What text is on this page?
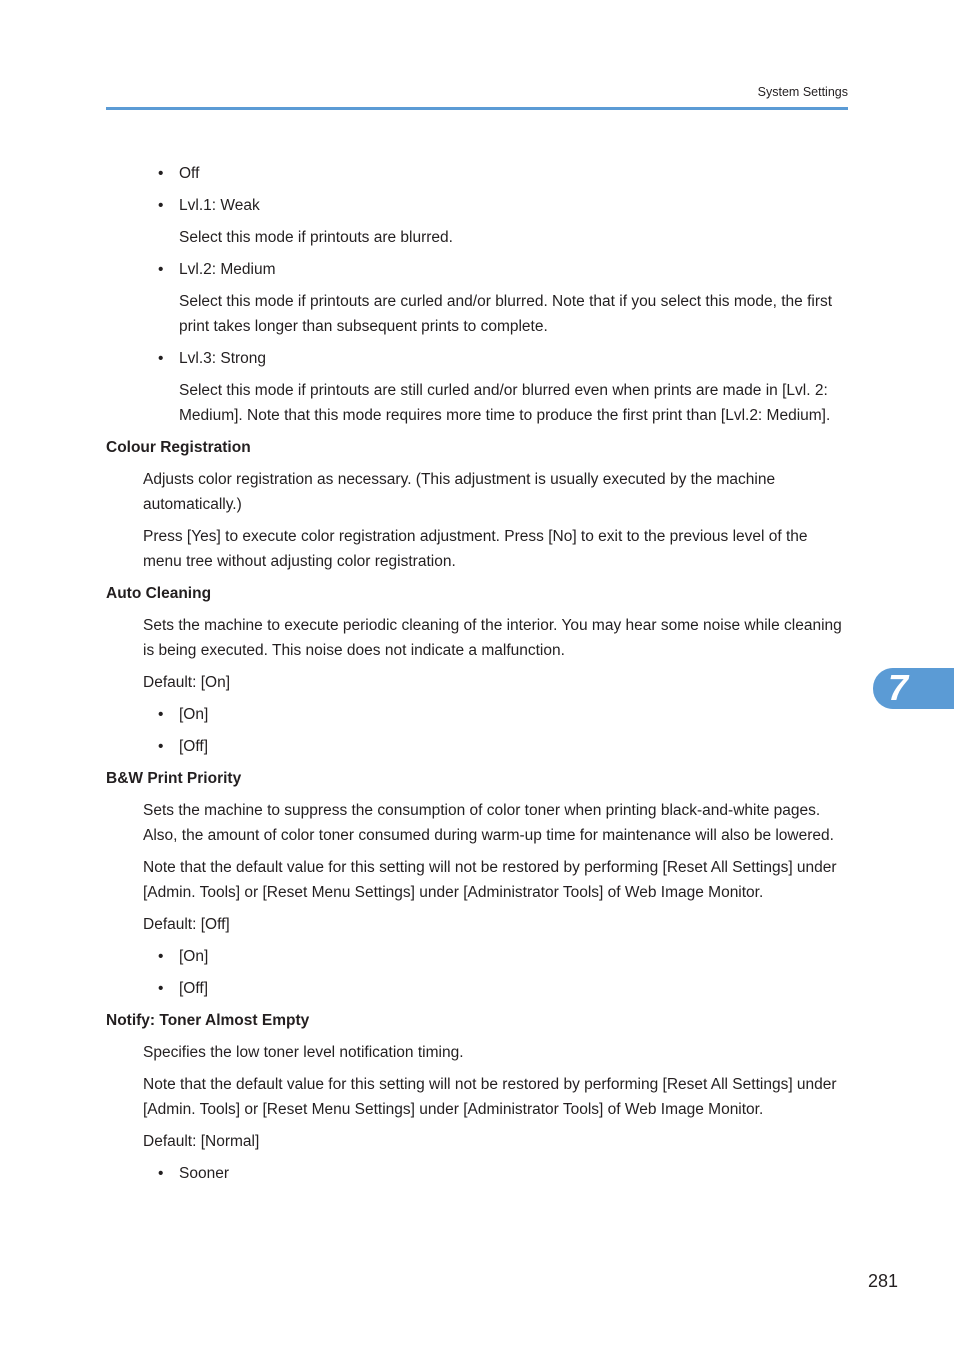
System Settings
• Off
• Lvl.1: Weak
Select this mode if printouts are blurred.
• Lvl.2: Medium
Select this mode if printouts are curled and/or blurred. Note that if you select this mode, the first print takes longer than subsequent prints to complete.
• Lvl.3: Strong
Select this mode if printouts are still curled and/or blurred even when prints are made in [Lvl. 2: Medium]. Note that this mode requires more time to produce the first print than [Lvl.2: Medium].
Colour Registration
Adjusts color registration as necessary. (This adjustment is usually executed by the machine automatically.)
Press [Yes] to execute color registration adjustment. Press [No] to exit to the previous level of the menu tree without adjusting color registration.
Auto Cleaning
Sets the machine to execute periodic cleaning of the interior. You may hear some noise while cleaning is being executed. This noise does not indicate a malfunction.
Default: [On]
• [On]
• [Off]
B&W Print Priority
Sets the machine to suppress the consumption of color toner when printing black-and-white pages. Also, the amount of color toner consumed during warm-up time for maintenance will also be lowered.
Note that the default value for this setting will not be restored by performing [Reset All Settings] under [Admin. Tools] or [Reset Menu Settings] under [Administrator Tools] of Web Image Monitor.
Default: [Off]
• [On]
• [Off]
Notify: Toner Almost Empty
Specifies the low toner level notification timing.
Note that the default value for this setting will not be restored by performing [Reset All Settings] under [Admin. Tools] or [Reset Menu Settings] under [Administrator Tools] of Web Image Monitor.
Default: [Normal]
• Sooner
7
281
